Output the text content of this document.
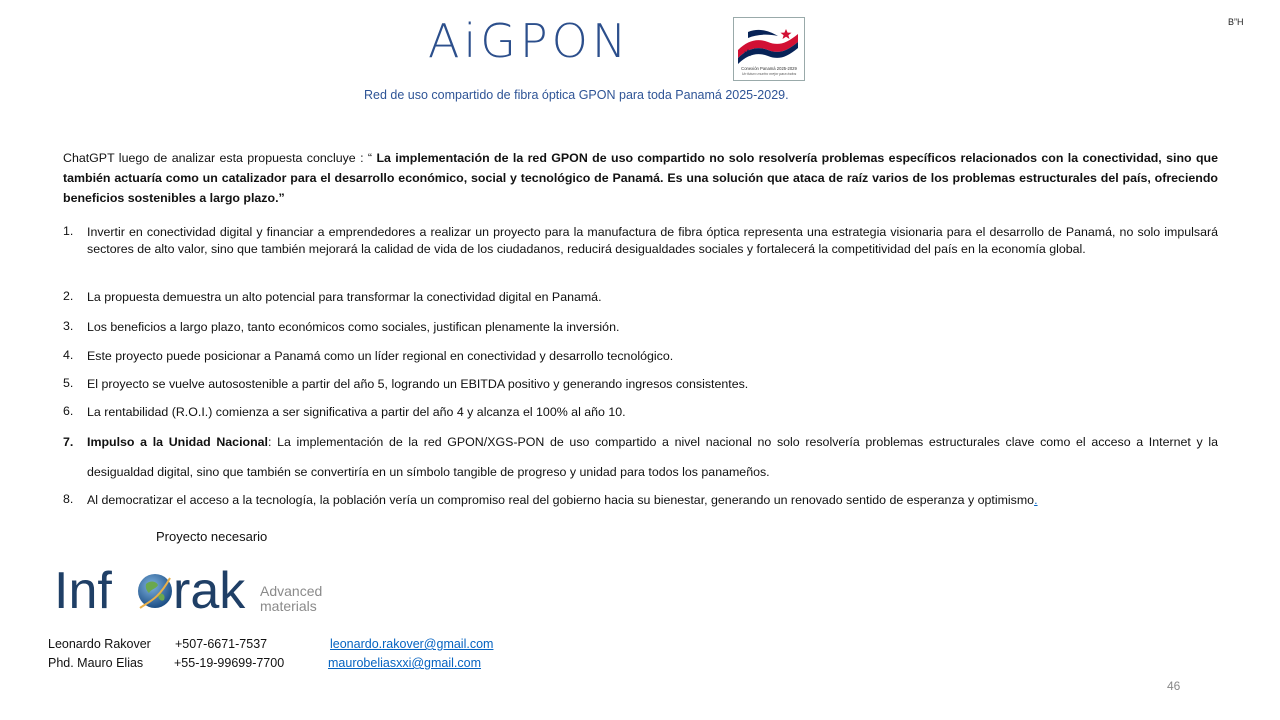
B”H
AiGPON
Conexión Panamá 2025-2029
Un futuro mucho mejor para todos
Red de uso compartido de fibra óptica GPON para toda Panamá 2025-2029.
ChatGPT luego de analizar esta propuesta concluye : “ La implementación de la red GPON de uso compartido no solo resolvería problemas específicos relacionados con la conectividad, sino que también actuaría como un catalizador para el desarrollo económico, social y tecnológico de Panamá. Es una solución que ataca de raíz varios de los problemas estructurales del país, ofreciendo beneficios sostenibles a largo plazo.”
1.	Invertir en conectividad digital y financiar a emprendedores a realizar un proyecto para la manufactura de fibra óptica representa una estrategia visionaria para el desarrollo de Panamá, no solo impulsará sectores de alto valor, sino que también mejorará la calidad de vida de los ciudadanos, reducirá desigualdades sociales y fortalecerá la competitividad del país en la economía global.
2.	La propuesta demuestra un alto potencial para transformar la conectividad digital en Panamá.
3.	Los beneficios a largo plazo, tanto económicos como sociales, justifican plenamente la inversión.
4.	Este proyecto puede posicionar a Panamá como un líder regional en conectividad y desarrollo tecnológico.
5.	El proyecto se vuelve autosostenible a partir del año 5, logrando un EBITDA positivo y generando ingresos consistentes.
6.	La rentabilidad (R.O.I.) comienza a ser significativa a partir del año 4 y alcanza el 100% al año 10.
7.	Impulso a la Unidad Nacional: La implementación de la red GPON/XGS-PON de uso compartido a nivel nacional no solo resolvería problemas estructurales clave como el acceso a Internet y la desigualdad digital, sino que también se convertiría en un símbolo tangible de progreso y unidad para todos los panameños.
8.	Al democratizar el acceso a la tecnología, la población vería un compromiso real del gobierno hacia su bienestar, generando un renovado sentido de esperanza y optimismo.
Proyecto necesario
Inf rak Advanced
materials
Leonardo Rakover +507-6671-7537	leonardo.rakover@gmail.com
Phd. Mauro Elias +55-19-99699-7700	maurobeliasxxi@gmail.com
46
